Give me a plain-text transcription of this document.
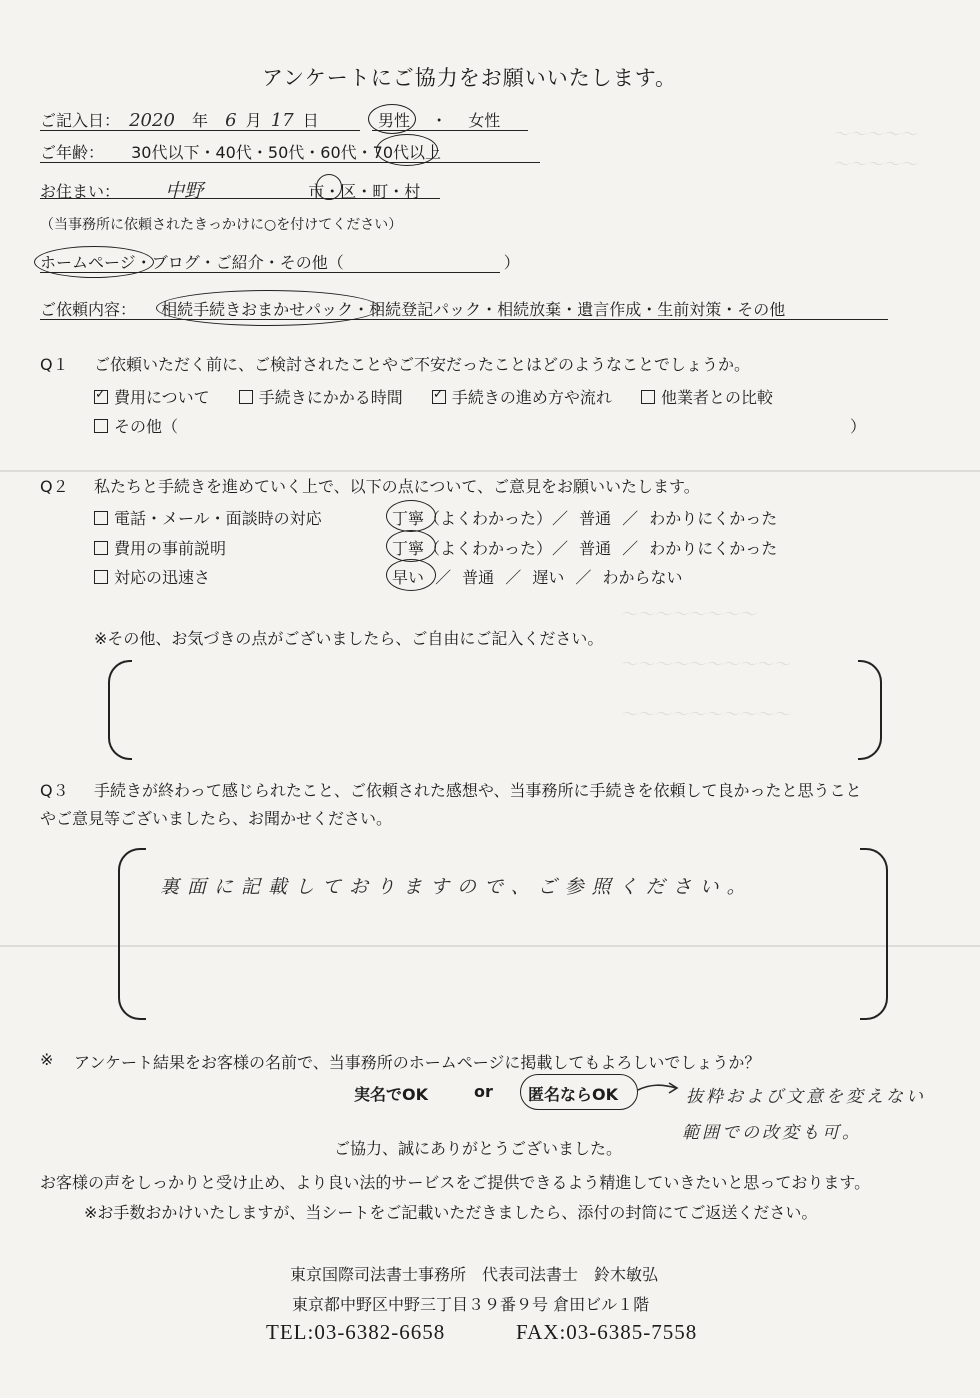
アンケートにご協力をお願いいたします。
ご記入日： 2020 年 6 月 17 日	男性 ・ 女性
ご年齢： 30代以下・40代・50代・60代・70代以上
お住まい： 中野	市・区・町・村
（当事務所に依頼されたきっかけに○を付けてください）
ホームページ・ブログ・ご紹介・その他（　　　　　　　　　　）
ご依頼内容： 相続手続きおまかせパック・相続登記パック・相続放棄・遺言作成・生前対策・その他
～～～～～
～～～～～
～～～～～～～～
～～～～～～～～～～
～～～～～～～～～～
Q１ ご依頼いただく前に、ご検討されたことやご不安だったことはどのようなことでしょうか。
✓費用について	手続きにかかる時間 ✓	手続きの進め方や流れ	他業者との比較
その他（	）
Q２ 私たちと手続きを進めていく上で、以下の点について、ご意見をお願いいたします。
電話・メール・面談時の対応	丁寧（よくわかった）／ 普通 ／ わかりにくかった
費用の事前説明	丁寧（よくわかった）／ 普通 ／ わかりにくかった
対応の迅速さ	早い ／ 普通 ／ 遅い ／ わからない
※その他、お気づきの点がございましたら、ご自由にご記入ください。
Q３ 手続きが終わって感じられたこと、ご依頼された感想や、当事務所に手続きを依頼して良かったと思うこと
やご意見等ございましたら、お聞かせください。
裏面に記載しておりますので、ご参照ください。
※ アンケート結果をお客様の名前で、当事務所のホームページに掲載してもよろしいでしょうか？
実名でOK	or 匿名ならOK	抜粋および文意を変えない
範囲での改変も可。
ご協力、誠にありがとうございました。
お客様の声をしっかりと受け止め、より良い法的サービスをご提供できるよう精進していきたいと思っております。
※お手数おかけいたしますが、当シートをご記載いただきましたら、添付の封筒にてご返送ください。
東京国際司法書士事務所　代表司法書士　鈴木敏弘
東京都中野区中野三丁目３９番９号 倉田ビル１階
TEL:03-6382-6658	FAX:03-6385-7558
